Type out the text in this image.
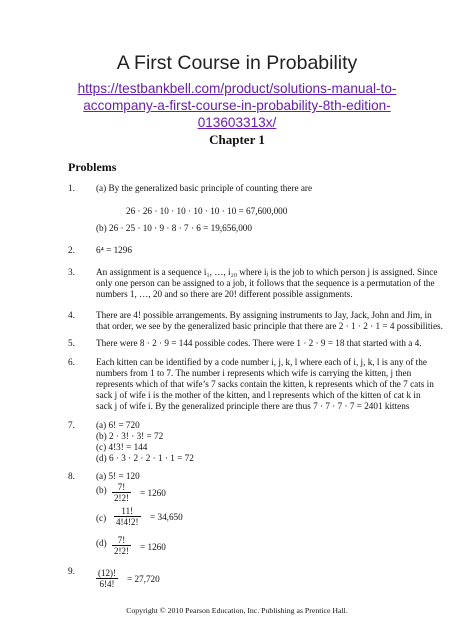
A First Course in Probability
https://testbankbell.com/product/solutions-manual-to-
accompany-a-first-course-in-probability-8th-edition-
013603313x/
Chapter 1
Problems
1. (a) By the generalized basic principle of counting there are
26 · 26 · 10 · 10 · 10 · 10 · 10 = 67,600,000
(b) 26 · 25 · 10 · 9 · 8 · 7 · 6 = 19,656,000
2. 6⁴ = 1296
3. An assignment is a sequence i₁, …, i₂₀ where iⱼ is the job to which person j is assigned. Since
only one person can be assigned to a job, it follows that the sequence is a permutation of the
numbers 1, …, 20 and so there are 20! different possible assignments.
4. There are 4! possible arrangements. By assigning instruments to Jay, Jack, John and Jim, in
that order, we see by the generalized basic principle that there are 2 · 1 · 2 · 1 = 4 possibilities.
5. There were 8 · 2 · 9 = 144 possible codes. There were 1 · 2 · 9 = 18 that started with a 4.
6. Each kitten can be identified by a code number i, j, k, l where each of i, j, k, l is any of the
numbers from 1 to 7. The number i represents which wife is carrying the kitten, j then
represents which of that wife’s 7 sacks contain the kitten, k represents which of the 7 cats in
sack j of wife i is the mother of the kitten, and l represents which of the kitten of cat k in
sack j of wife i. By the generalized principle there are thus 7 · 7 · 7 · 7 = 2401 kittens
7. (a) 6! = 720
(b) 2 · 3! · 3! = 72
(c) 4!3! = 144
(d) 6 · 3 · 2 · 2 · 1 · 1 = 72
8. (a) 5! = 120
$(b) \frac{7!}{2!2!} = 1260$
$(c) \frac{11!}{4!4!2!} = 34,650$
$(d) \frac{7!}{2!2!} = 1260$
9. $\frac{(12)!}{6!4!} = 27,720$
Copyright © 2010 Pearson Education, Inc. Publishing as Prentice Hall.
